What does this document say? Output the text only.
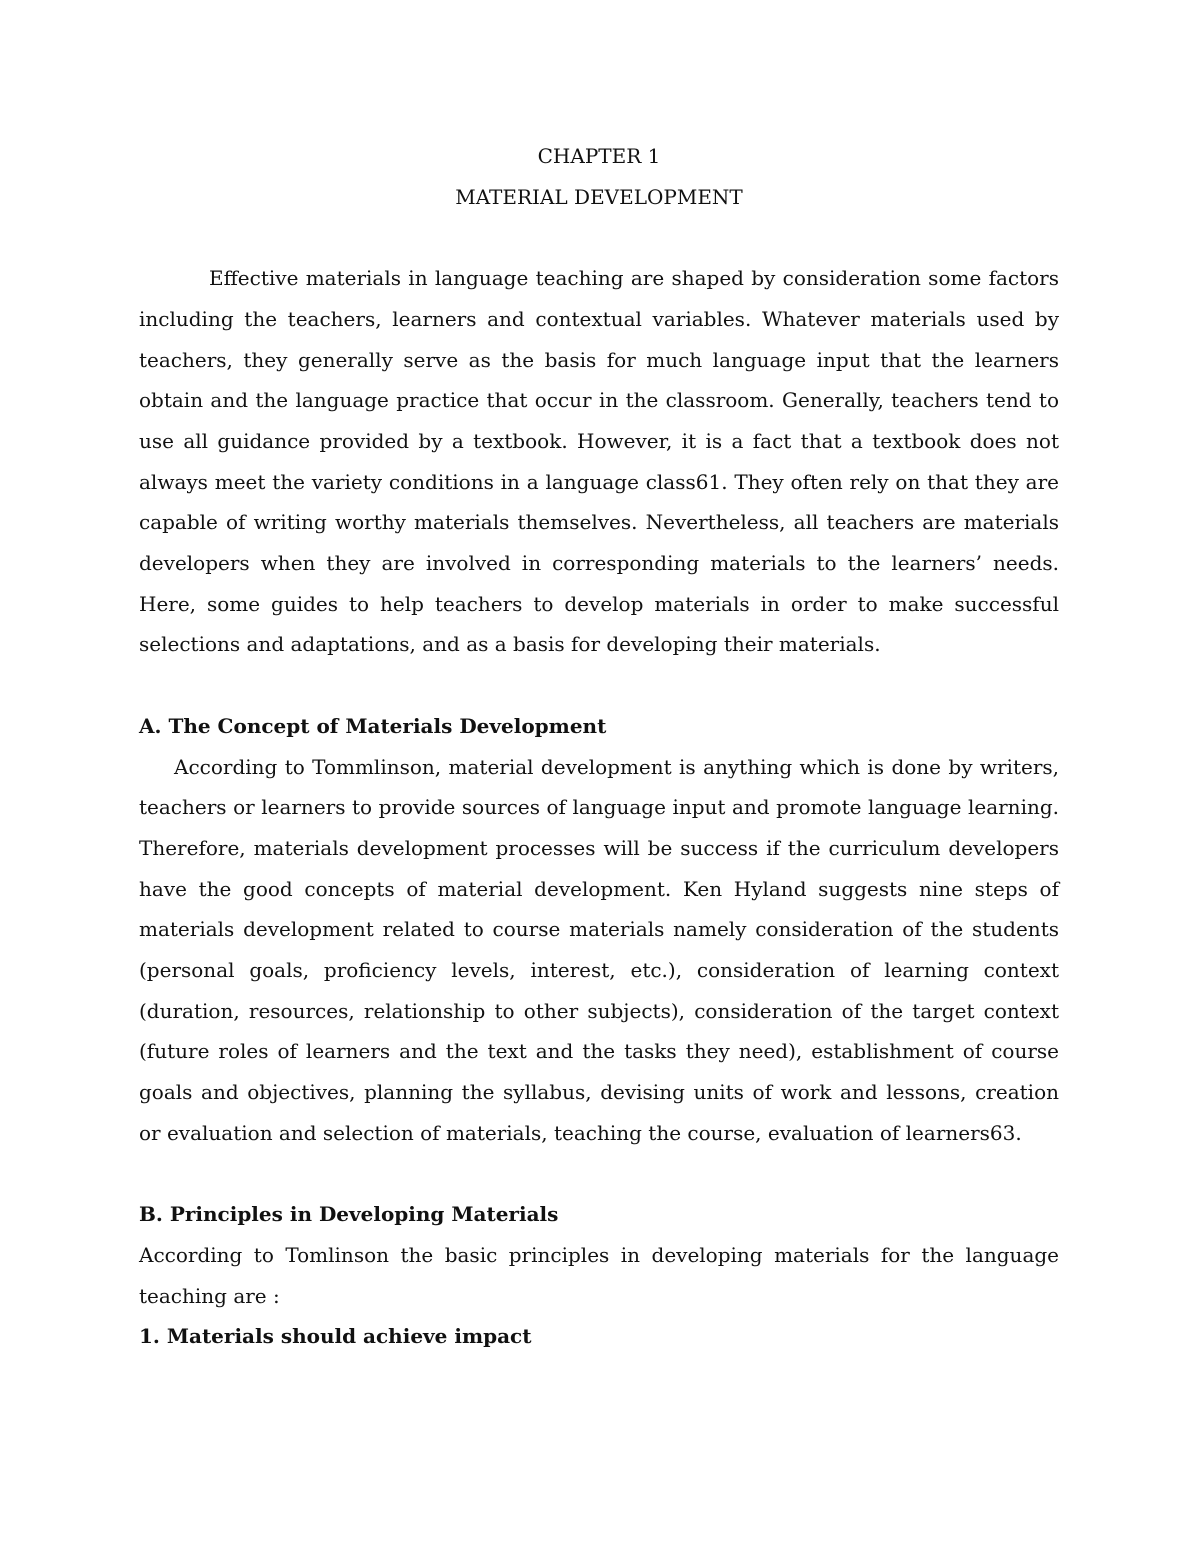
CHAPTER 1
MATERIAL DEVELOPMENT

Effective materials in language teaching are shaped by consideration some factors including the teachers, learners and contextual variables. Whatever materials used by teachers, they generally serve as the basis for much language input that the learners obtain and the language practice that occur in the classroom. Generally, teachers tend to use all guidance provided by a textbook. However, it is a fact that a textbook does not always meet the variety conditions in a language class61. They often rely on that they are capable of writing worthy materials themselves. Nevertheless, all teachers are materials developers when they are involved in corresponding materials to the learners’ needs. Here, some guides to help teachers to develop materials in order to make successful selections and adaptations, and as a basis for developing their materials.

A. The Concept of Materials Development

According to Tommlinson, material development is anything which is done by writers, teachers or learners to provide sources of language input and promote language learning. Therefore, materials development processes will be success if the curriculum developers have the good concepts of material development. Ken Hyland suggests nine steps of materials development related to course materials namely consideration of the students (personal goals, proficiency levels, interest, etc.), consideration of learning context (duration, resources, relationship to other subjects), consideration of the target context (future roles of learners and the text and the tasks they need), establishment of course goals and objectives, planning the syllabus, devising units of work and lessons, creation or evaluation and selection of materials, teaching the course, evaluation of learners63.

B. Principles in Developing Materials

According to Tomlinson the basic principles in developing materials for the language teaching are :

1. Materials should achieve impact
